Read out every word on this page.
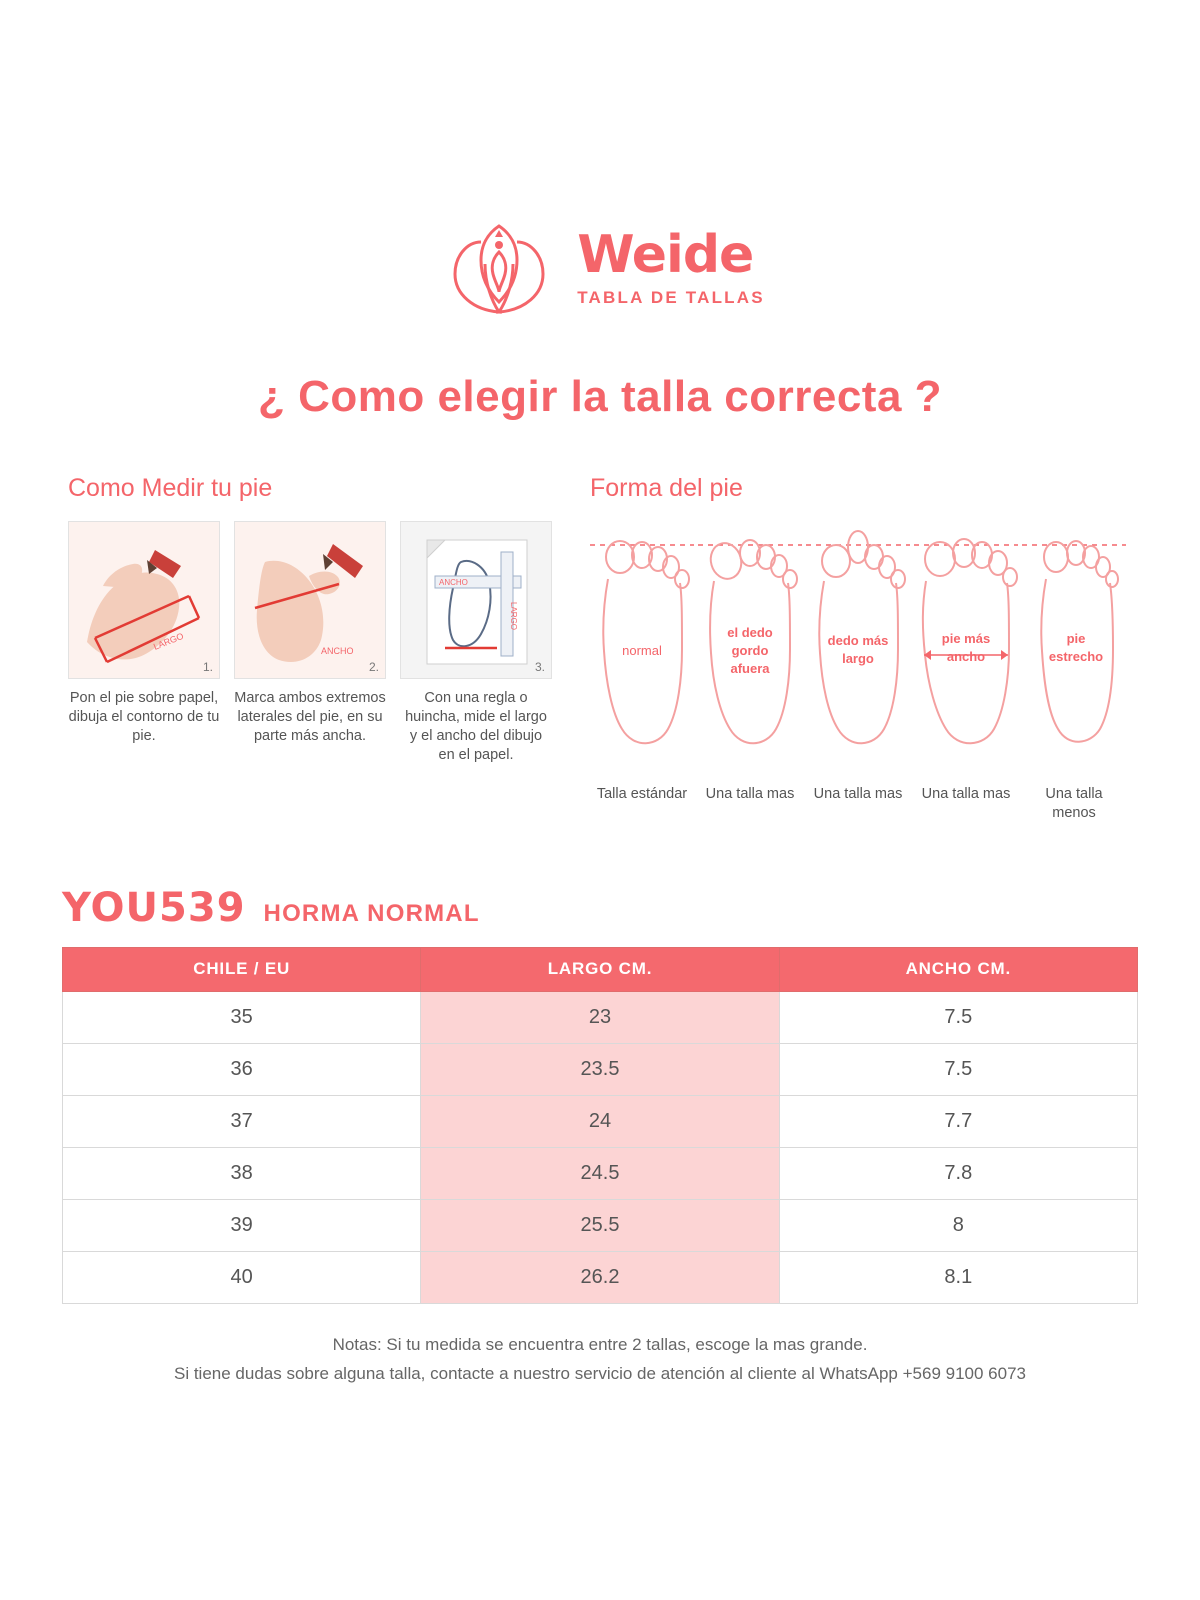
Weide
TABLA DE TALLAS
¿ Como elegir la talla correcta ?
Como Medir tu pie
LARGO
1.
Pon el pie sobre papel, dibuja el contorno de tu pie.
ANCHO
2.
Marca ambos extremos laterales del pie, en su parte más ancha.
ANCHO
LARGO
3.
Con una regla o huincha, mide el largo y el ancho del dibujo en el papel.
Forma del pie
normal
Talla estándar
el dedo
gordo
afuera
Una talla mas
dedo más
largo
Una talla mas
pie más
ancho
Una talla mas
pie
estrecho
Una talla menos
YOU539 HORMA NORMAL
CHILE / EU	LARGO CM.	ANCHO CM.
35	23	7.5
36	23.5	7.5
37	24	7.7
38	24.5	7.8
39	25.5	8
40	26.2	8.1
Notas: Si tu medida se encuentra entre 2 tallas, escoge la mas grande.
Si tiene dudas sobre alguna talla, contacte a nuestro servicio de atención al cliente al WhatsApp +569 9100 6073
